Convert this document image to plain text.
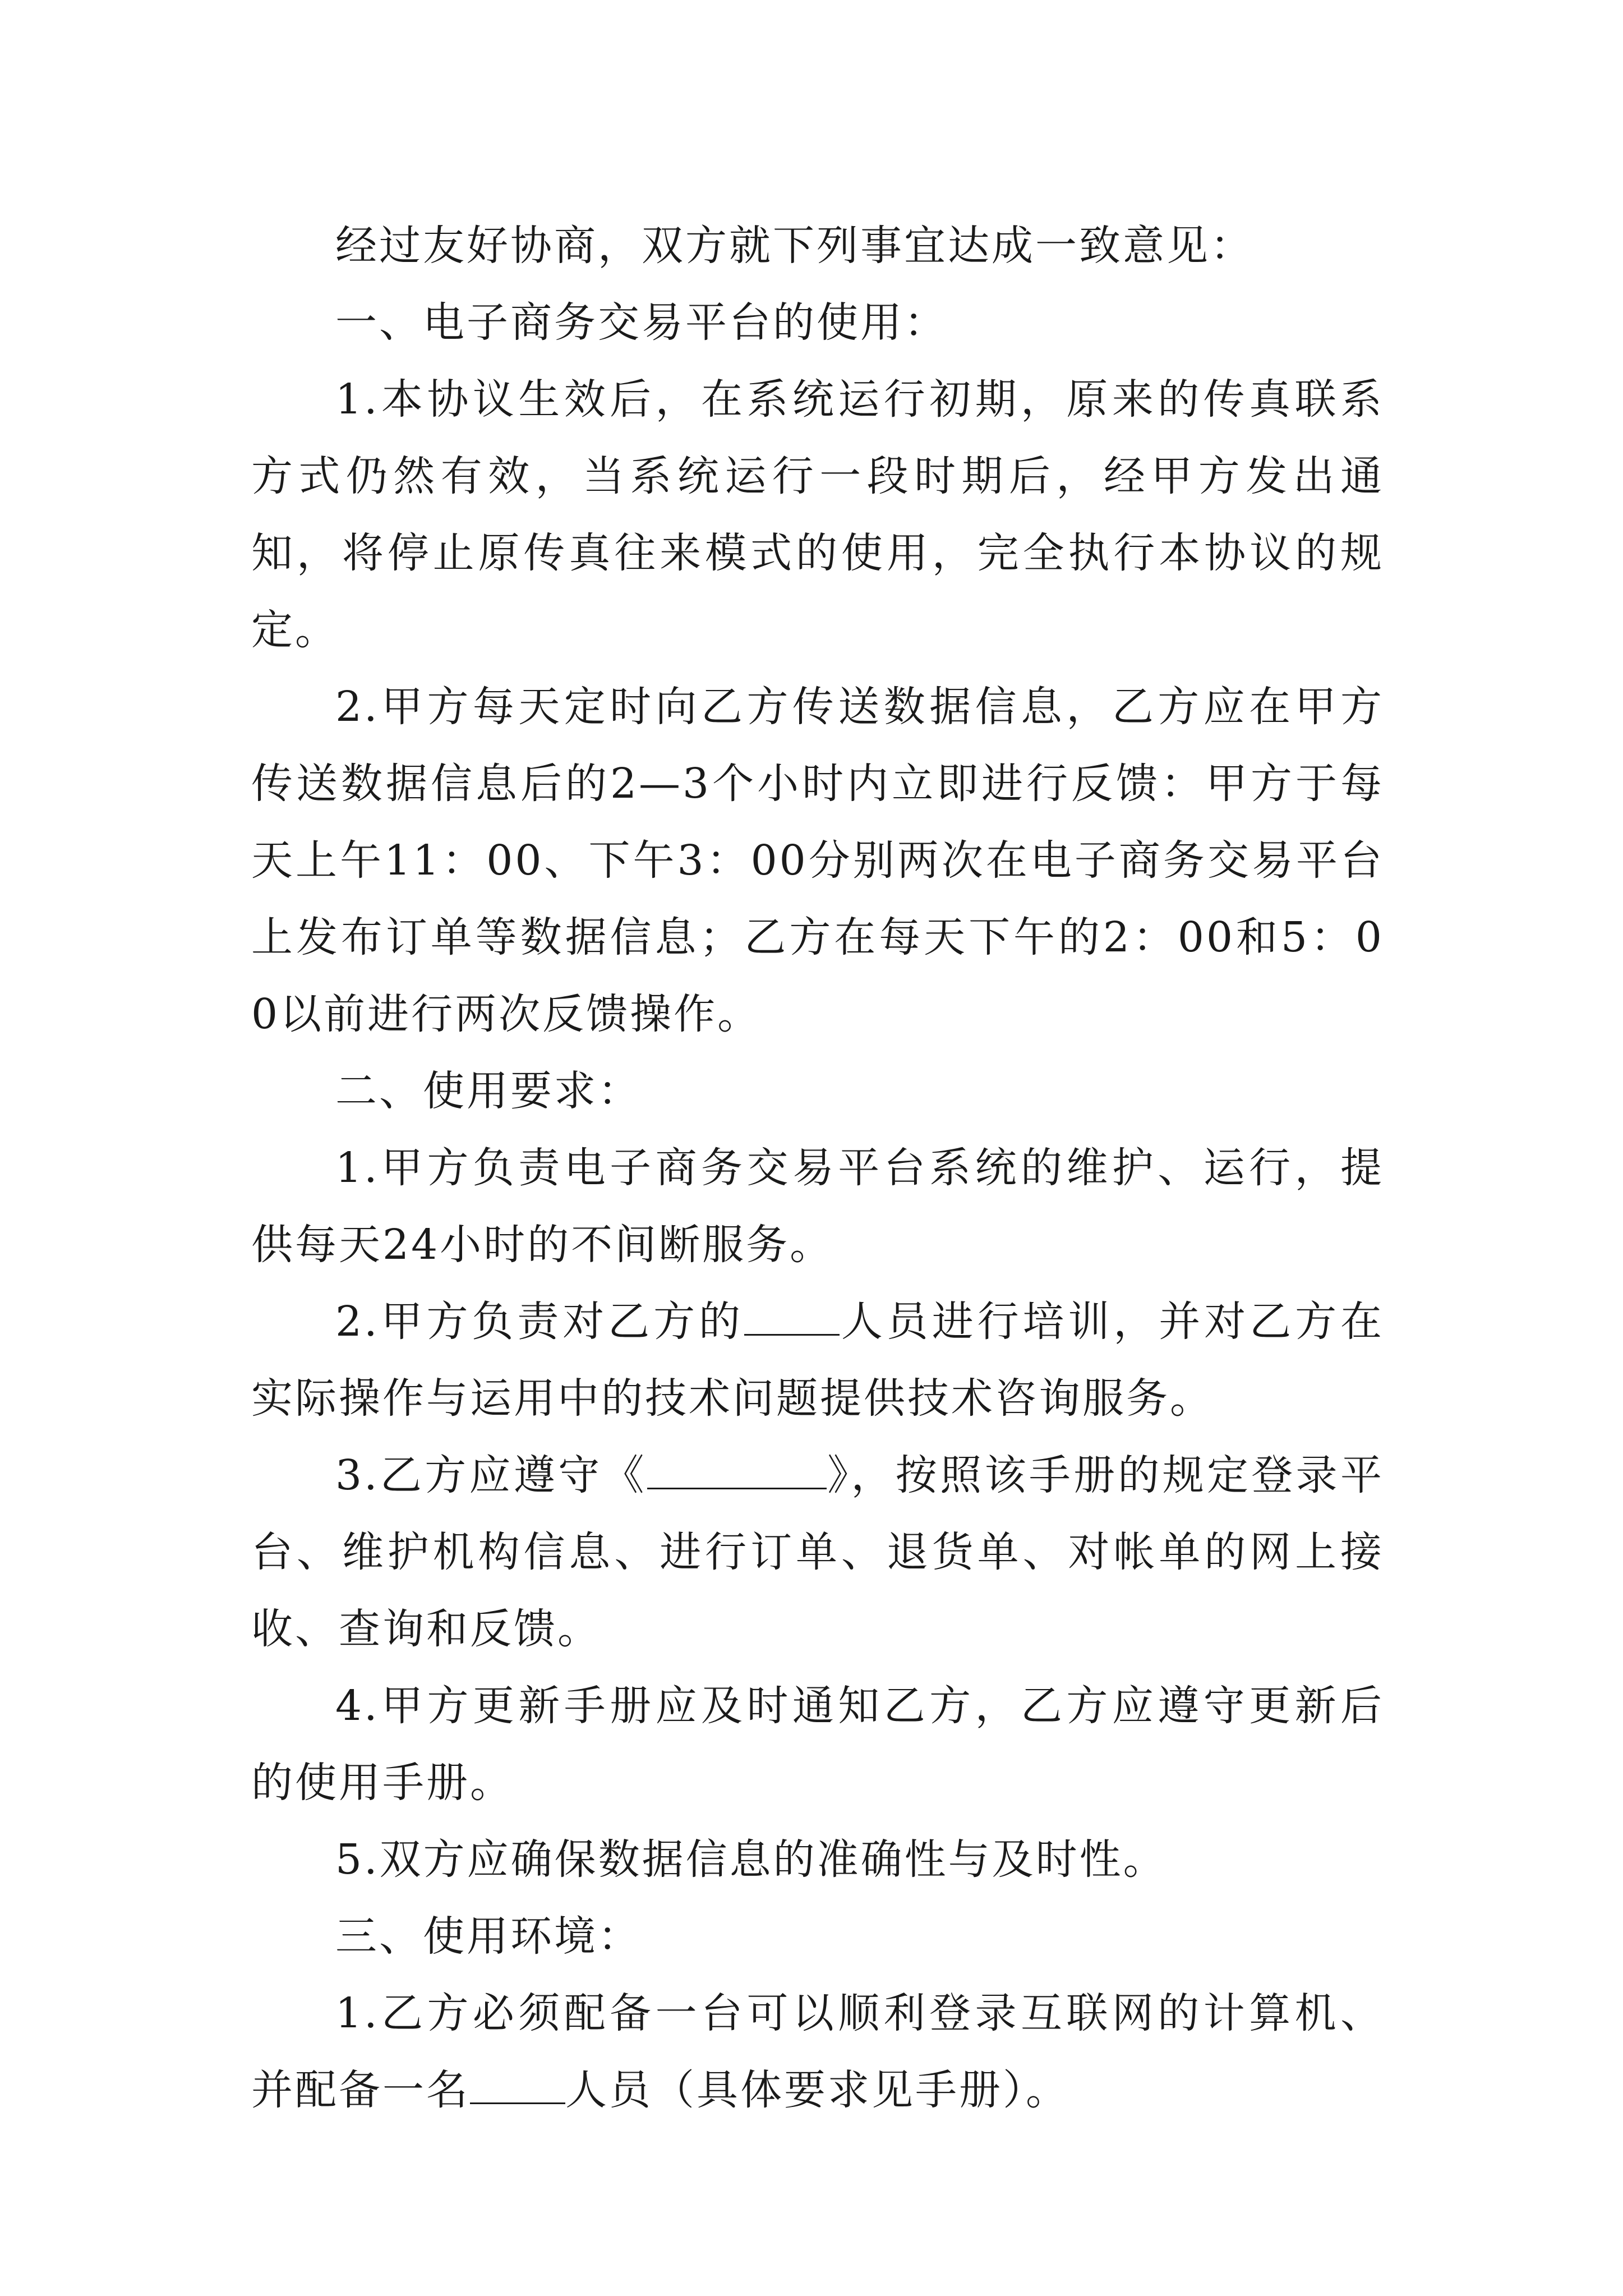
经过友好协商，双方就下列事宜达成一致意见：

一、电子商务交易平台的使用：

1.本协议生效后，在系统运行初期，原来的传真联系方式仍然有效，当系统运行一段时期后，经甲方发出通知，将停止原传真往来模式的使用，完全执行本协议的规定。

2.甲方每天定时向乙方传送数据信息，乙方应在甲方传送数据信息后的2—3个小时内立即进行反馈：甲方于每天上午11：00、下午3：00分别两次在电子商务交易平台上发布订单等数据信息；乙方在每天下午的2：00和5：00以前进行两次反馈操作。

二、使用要求：

1.甲方负责电子商务交易平台系统的维护、运行，提供每天24小时的不间断服务。

2.甲方负责对乙方的 人员进行培训，并对乙方在实际操作与运用中的技术问题提供技术咨询服务。

3.乙方应遵守《	》，按照该手册的规定登录平台、维护机构信息、进行订单、退货单、对帐单的网上接收、查询和反馈。

4.甲方更新手册应及时通知乙方，乙方应遵守更新后的使用手册。

5.双方应确保数据信息的准确性与及时性。

三、使用环境：

1.乙方必须配备一台可以顺利登录互联网的计算机、并配备一名 人员（具体要求见手册）。
